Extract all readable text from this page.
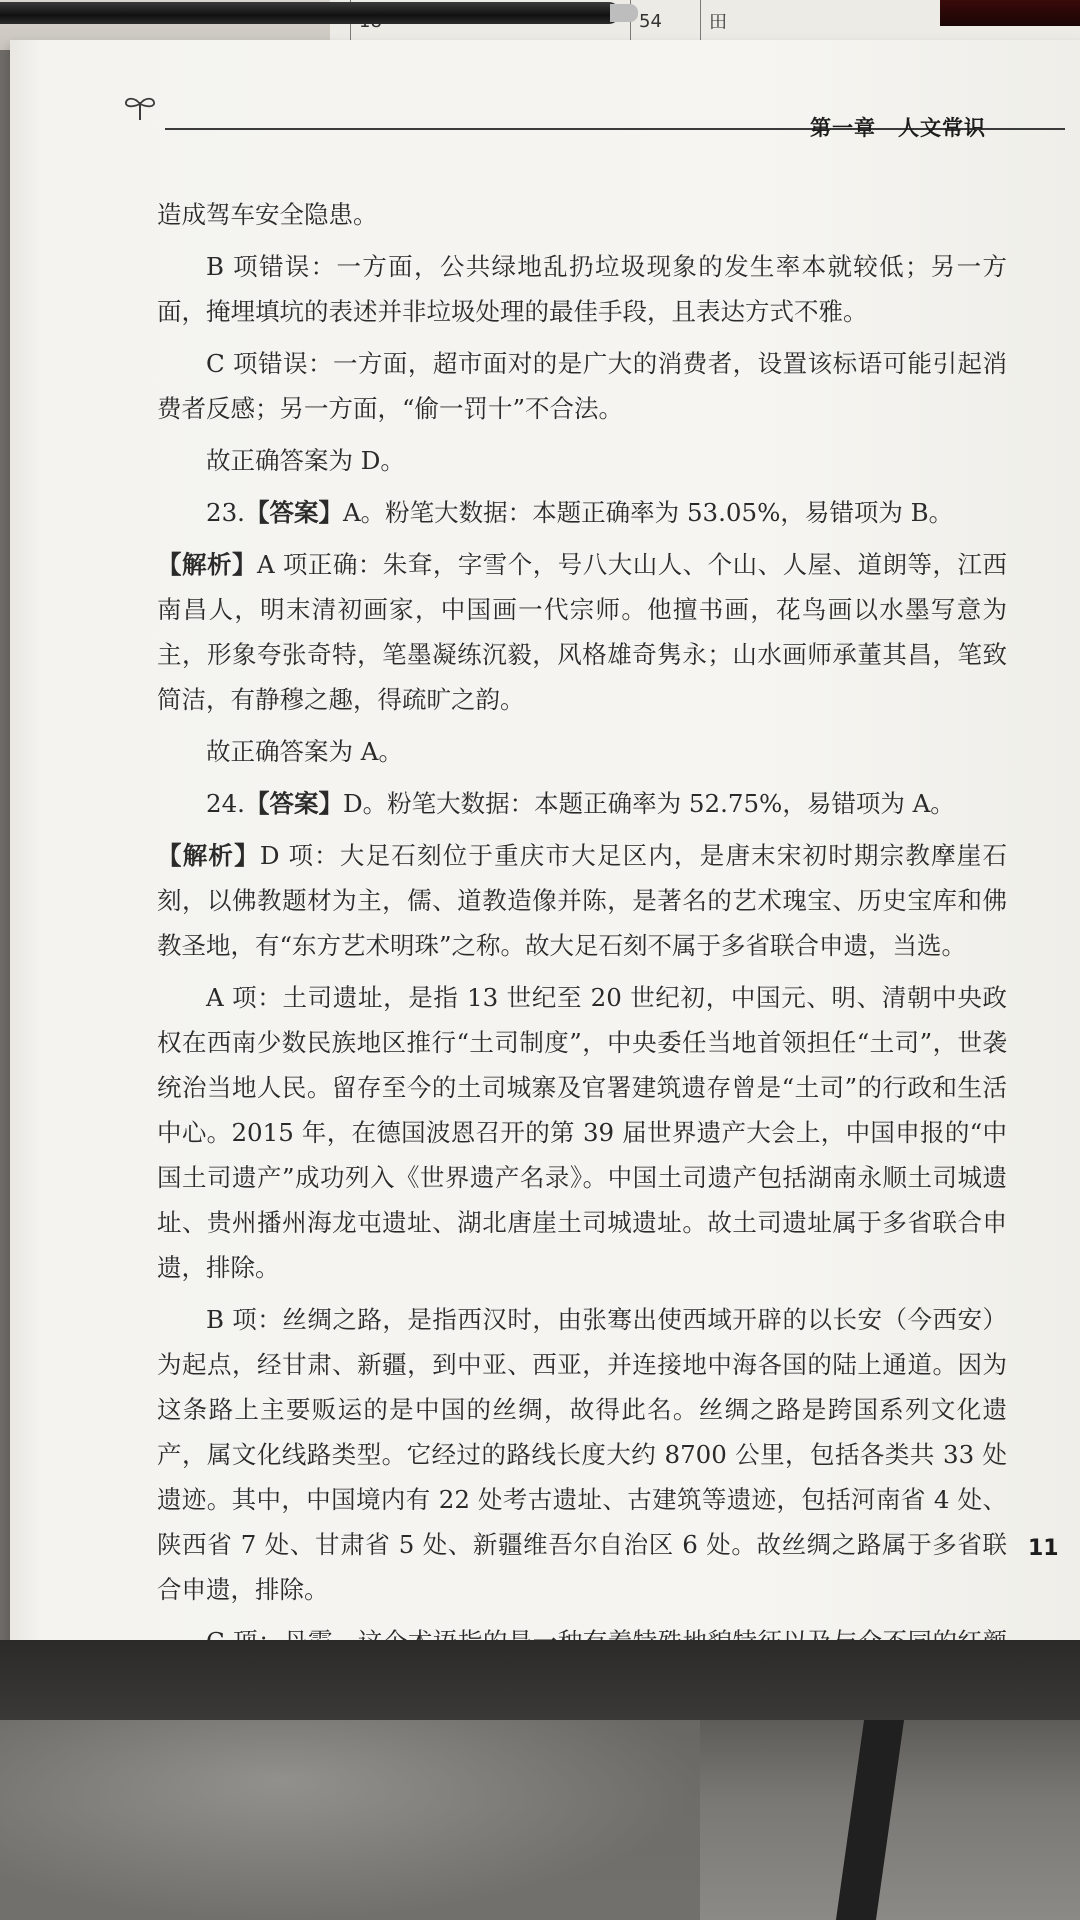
54	田
第一章 人文常识

造成驾车安全隐患。

B 项错误：一方面，公共绿地乱扔垃圾现象的发生率本就较低；另一方面，掩埋填坑的表述并非垃圾处理的最佳手段，且表达方式不雅。

C 项错误：一方面，超市面对的是广大的消费者，设置该标语可能引起消费者反感；另一方面，“偷一罚十”不合法。

故正确答案为 D。

23.【答案】A。粉笔大数据：本题正确率为 53.05%，易错项为 B。

【解析】A 项正确：朱耷，字雪个，号八大山人、个山、人屋、道朗等，江西南昌人，明末清初画家，中国画一代宗师。他擅书画，花鸟画以水墨写意为主，形象夸张奇特，笔墨凝练沉毅，风格雄奇隽永；山水画师承董其昌，笔致简洁，有静穆之趣，得疏旷之韵。

故正确答案为 A。

24.【答案】D。粉笔大数据：本题正确率为 52.75%，易错项为 A。

【解析】D 项：大足石刻位于重庆市大足区内，是唐末宋初时期宗教摩崖石刻，以佛教题材为主，儒、道教造像并陈，是著名的艺术瑰宝、历史宝库和佛教圣地，有“东方艺术明珠”之称。故大足石刻不属于多省联合申遗，当选。

A 项：土司遗址，是指 13 世纪至 20 世纪初，中国元、明、清朝中央政权在西南少数民族地区推行“土司制度”，中央委任当地首领担任“土司”，世袭统治当地人民。留存至今的土司城寨及官署建筑遗存曾是“土司”的行政和生活中心。2015 年，在德国波恩召开的第 39 届世界遗产大会上，中国申报的“中国土司遗产”成功列入《世界遗产名录》。中国土司遗产包括湖南永顺土司城遗址、贵州播州海龙屯遗址、湖北唐崖土司城遗址。故土司遗址属于多省联合申遗，排除。

B 项：丝绸之路，是指西汉时，由张骞出使西域开辟的以长安（今西安）为起点，经甘肃、新疆，到中亚、西亚，并连接地中海各国的陆上通道。因为这条路上主要贩运的是中国的丝绸，故得此名。丝绸之路是跨国系列文化遗产，属文化线路类型。它经过的路线长度大约 8700 公里，包括各类共 33 处遗迹。其中，中国境内有 22 处考古遗址、古建筑等遗迹，包括河南省 4 处、陕西省 7 处、甘肃省 5 处、新疆维吾尔自治区 6 处。故丝绸之路属于多省联合申遗，排除。

11
